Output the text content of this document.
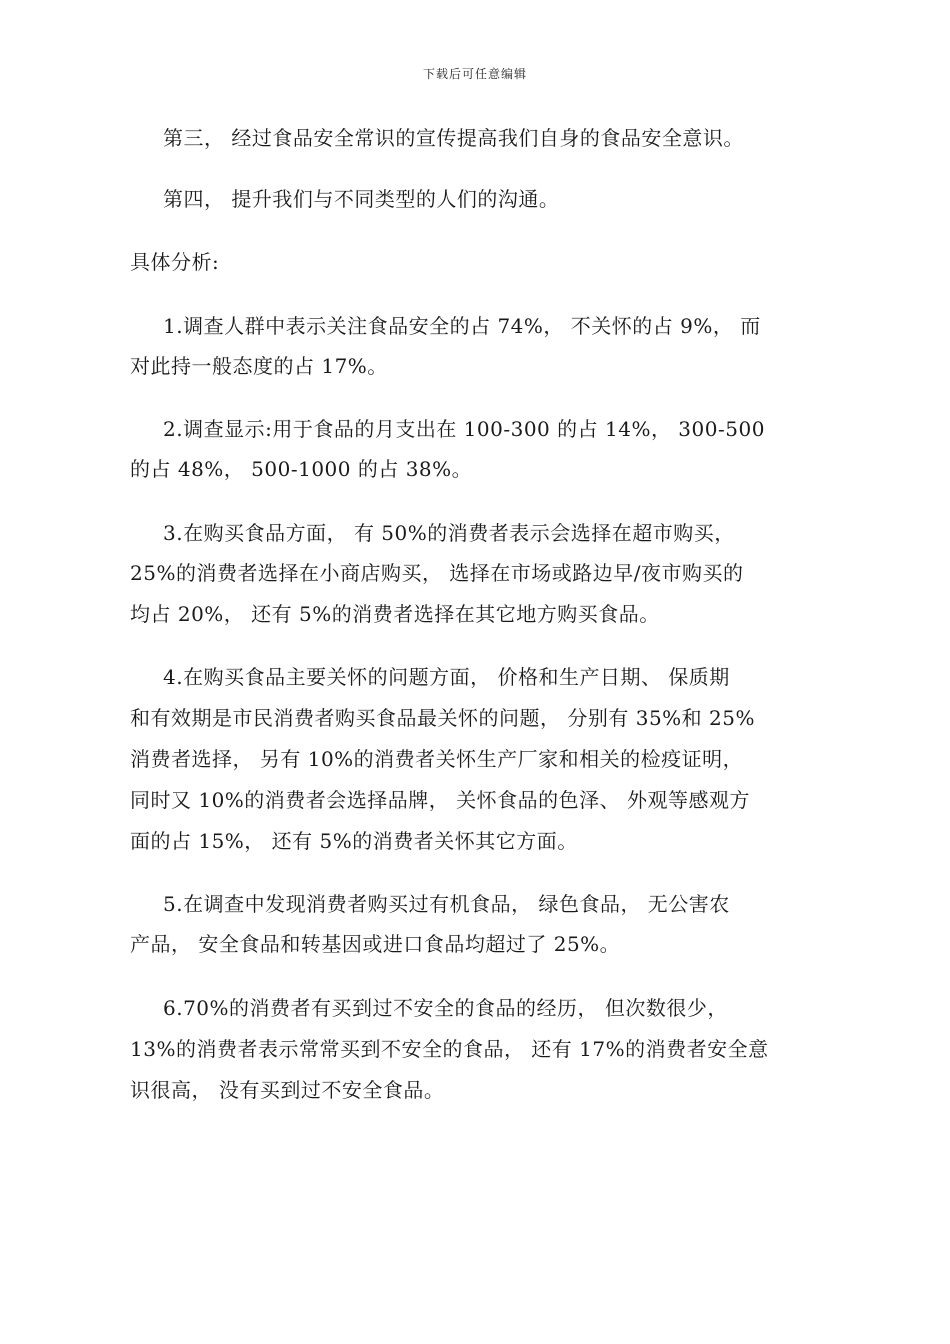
下载后可任意编辑
第三， 经过食品安全常识的宣传提高我们自身的食品安全意识。
第四， 提升我们与不同类型的人们的沟通。
具体分析:
1.调查人群中表示关注食品安全的占 74%， 不关怀的占 9%， 而
对此持一般态度的占 17%。
2.调查显示:用于食品的月支出在 100-300 的占 14%， 300-500
的占 48%， 500-1000 的占 38%。
3.在购买食品方面， 有 50%的消费者表示会选择在超市购买，
25%的消费者选择在小商店购买， 选择在市场或路边早/夜市购买的
均占 20%， 还有 5%的消费者选择在其它地方购买食品。
4.在购买食品主要关怀的问题方面， 价格和生产日期、 保质期
和有效期是市民消费者购买食品最关怀的问题， 分别有 35%和 25%
消费者选择， 另有 10%的消费者关怀生产厂家和相关的检疫证明，
同时又 10%的消费者会选择品牌， 关怀食品的色泽、 外观等感观方
面的占 15%， 还有 5%的消费者关怀其它方面。
5.在调查中发现消费者购买过有机食品， 绿色食品， 无公害农
产品， 安全食品和转基因或进口食品均超过了 25%。
6.70%的消费者有买到过不安全的食品的经历， 但次数很少，
13%的消费者表示常常买到不安全的食品， 还有 17%的消费者安全意
识很高， 没有买到过不安全食品。
